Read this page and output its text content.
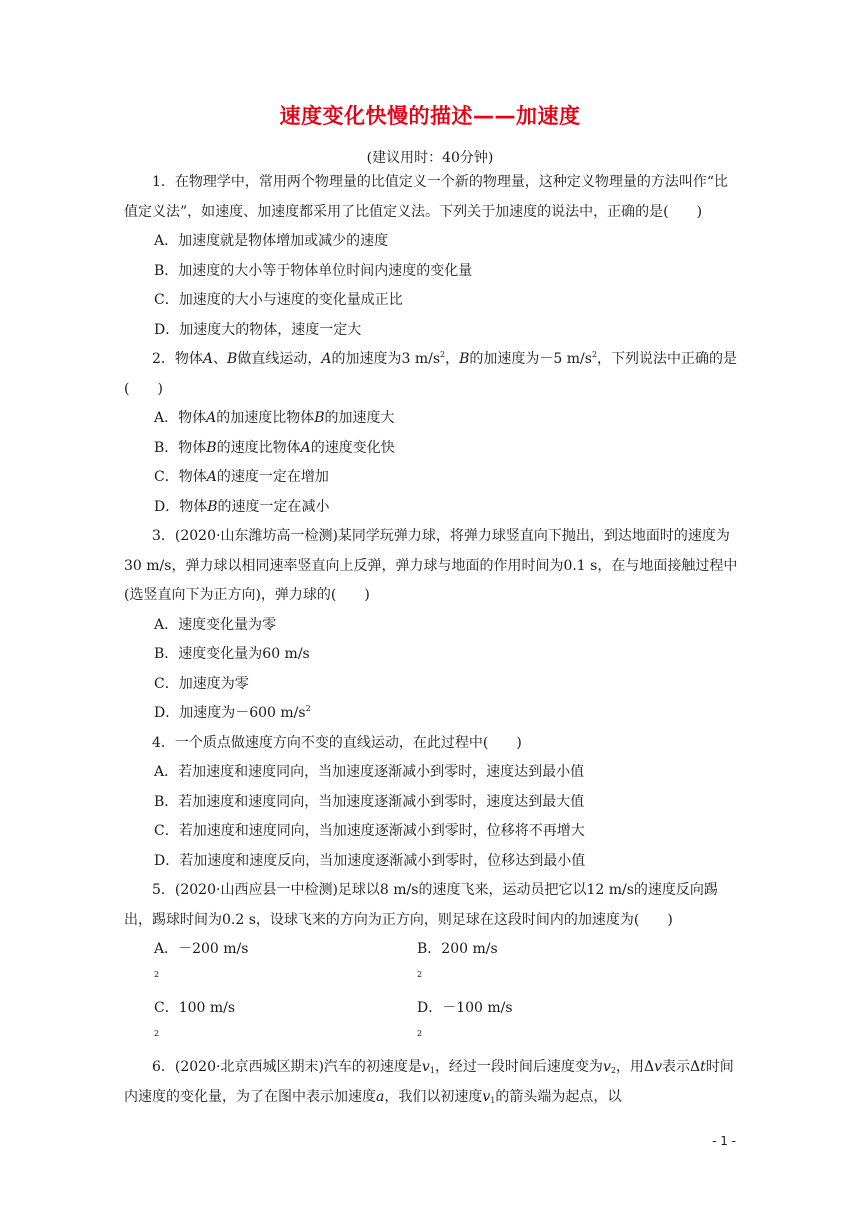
速度变化快慢的描述——加速度
(建议用时：40分钟)

1．在物理学中，常用两个物理量的比值定义一个新的物理量，这种定义物理量的方法叫作“比值定义法”，如速度、加速度都采用了比值定义法。下列关于加速度的说法中，正确的是(　　)

A．加速度就是物体增加或减少的速度

B．加速度的大小等于物体单位时间内速度的变化量

C．加速度的大小与速度的变化量成正比

D．加速度大的物体，速度一定大

2．物体A、B做直线运动，A的加速度为3 $m/s^2$，B的加速度为－5 $m/s^2$，下列说法中正确的是(　　)

A．物体A的加速度比物体B的加速度大

B．物体B的速度比物体A的速度变化快

C．物体A的速度一定在增加

D．物体B的速度一定在减小

3．(2020·山东潍坊高一检测)某同学玩弹力球，将弹力球竖直向下抛出，到达地面时的速度为30 m/s，弹力球以相同速率竖直向上反弹，弹力球与地面的作用时间为0.1 s，在与地面接触过程中(选竖直向下为正方向)，弹力球的(　　)

A．速度变化量为零

B．速度变化量为60 m/s

C．加速度为零

D．加速度为－600 $m/s^2$

4．一个质点做速度方向不变的直线运动，在此过程中(　　)

A．若加速度和速度同向，当加速度逐渐减小到零时，速度达到最小值

B．若加速度和速度同向，当加速度逐渐减小到零时，速度达到最大值

C．若加速度和速度同向，当加速度逐渐减小到零时，位移将不再增大

D．若加速度和速度反向，当加速度逐渐减小到零时，位移达到最小值

5．(2020·山西应县一中检测)足球以8 m/s的速度飞来，运动员把它以12 m/s的速度反向踢出，踢球时间为0.2 s，设球飞来的方向为正方向，则足球在这段时间内的加速度为(　　)

A．－200 $m/s^2$
B．200 $m/s^2$
C．100 $m/s^2$
D．－100 $m/s^2$

6．(2020·北京西城区期末)汽车的初速度是$v_1$，经过一段时间后速度变为$v_2$，用Δv表示Δt时间内速度的变化量，为了在图中表示加速度a，我们以初速度$v_1$的箭头端为起点，以

- 1 -
